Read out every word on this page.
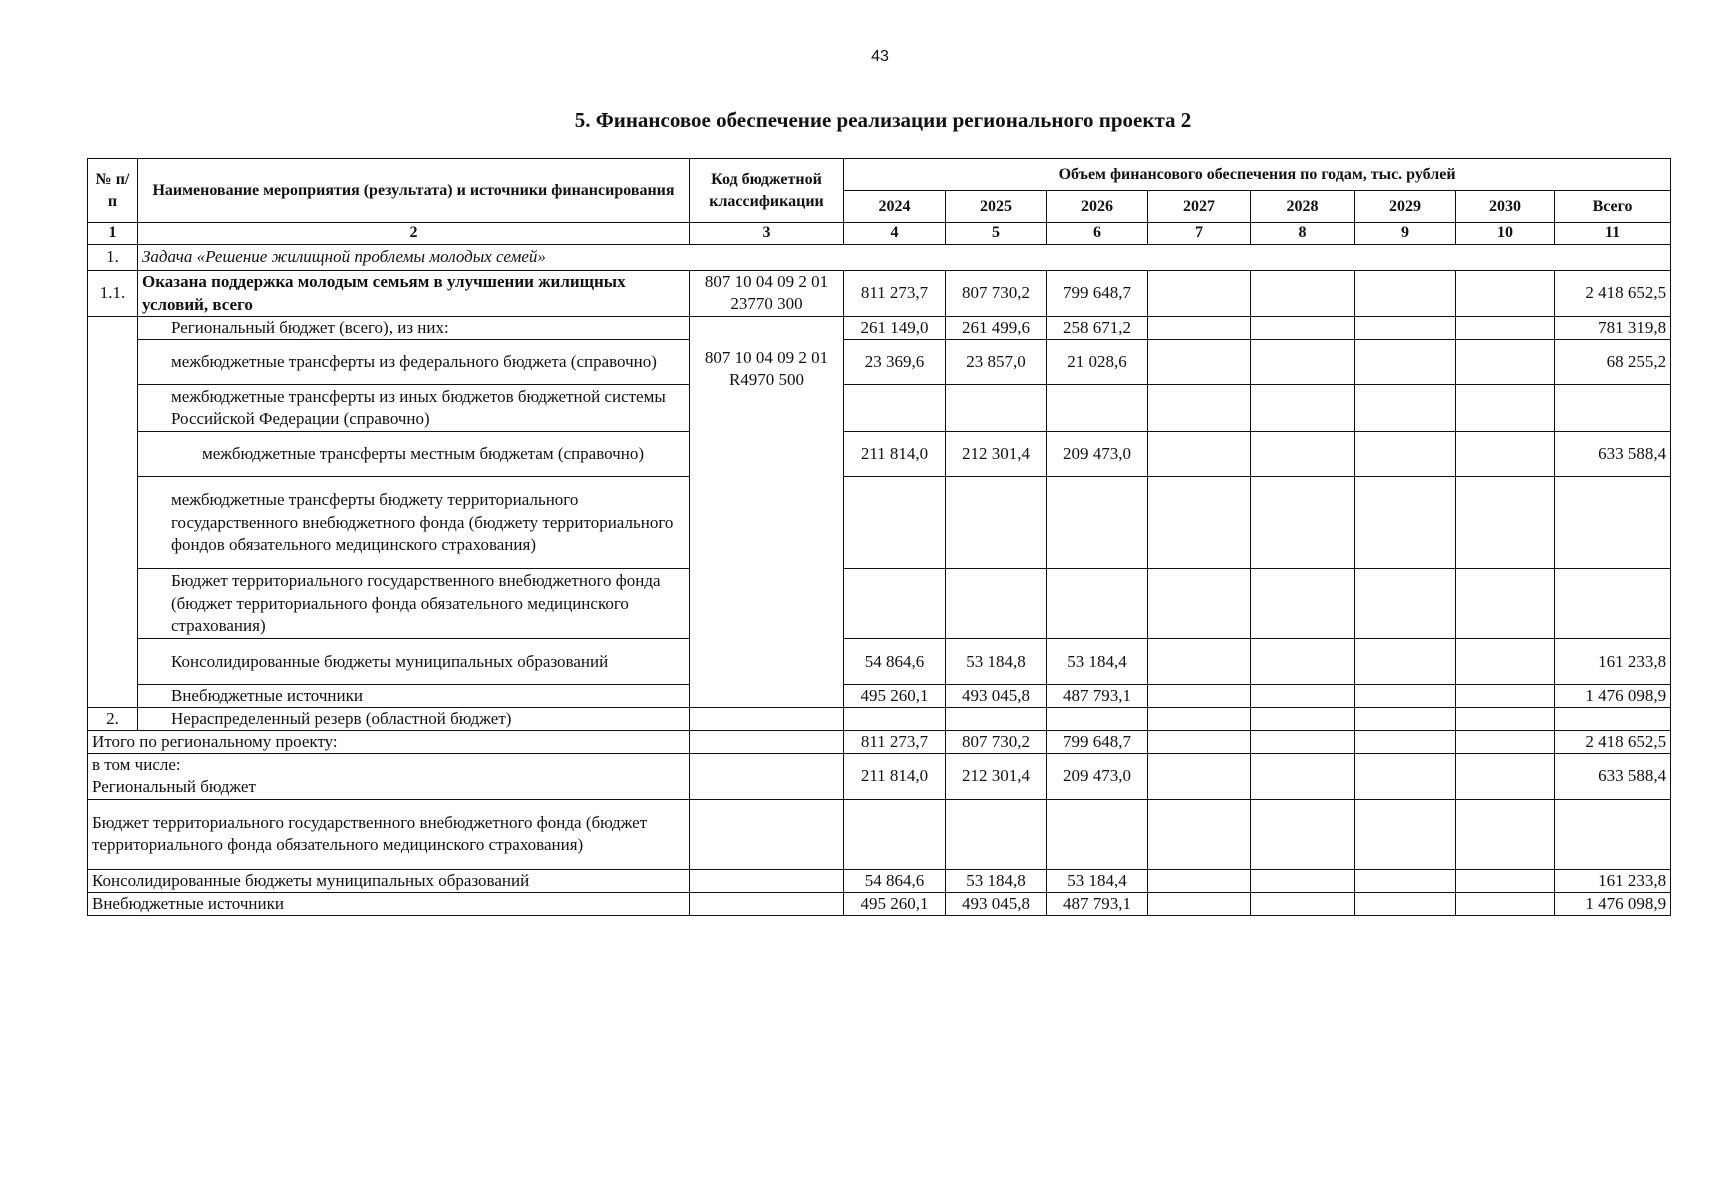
43
5. Финансовое обеспечение реализации регионального проекта 2
№ п/п	Наименование мероприятия (результата) и источники финансирования	Код бюджетной классификации	Объем финансового обеспечения по годам, тыс. рублей							
			2024	2025	2026	2027	2028	2029	2030	Всего
1	2	3	4	5	6	7	8	9	10	11
1.	Задача «Решение жилищной проблемы молодых семей»									
1.1.	Оказана поддержка молодым семьям в улучшении жилищных условий, всего	807 10 04 09 2 01 23770 300	811 273,7	807 730,2	799 648,7					2 418 652,5
	Региональный бюджет (всего), из них:	807 10 04 09 2 01 R4970 500	261 149,0	261 499,6	258 671,2					781 319,8
	межбюджетные трансферты из федерального бюджета (справочно)		23 369,6	23 857,0	21 028,6					68 255,2
	межбюджетные трансферты из иных бюджетов бюджетной системы Российской Федерации (справочно)									
	межбюджетные трансферты местным бюджетам (справочно)		211 814,0	212 301,4	209 473,0					633 588,4
	межбюджетные трансферты бюджету территориального государственного внебюджетного фонда (бюджету территориального фондов обязательного медицинского страхования)									
	Бюджет территориального государственного внебюджетного фонда (бюджет территориального фонда обязательного медицинского страхования)									
	Консолидированные бюджеты муниципальных образований		54 864,6	53 184,8	53 184,4					161 233,8
	Внебюджетные источники		495 260,1	493 045,8	487 793,1					1 476 098,9
2.	Нераспределенный резерв (областной бюджет)									
Итого по региональному проекту:			811 273,7	807 730,2	799 648,7					2 418 652,5

в том числе:
Региональный бюджет			211 814,0	212 301,4	209 473,0					633 588,4
Бюджет территориального государственного внебюджетного фонда (бюджет территориального фонда обязательного медицинского страхования)										
Консолидированные бюджеты муниципальных образований			54 864,6	53 184,8	53 184,4					161 233,8
Внебюджетные источники			495 260,1	493 045,8	487 793,1					1 476 098,9
